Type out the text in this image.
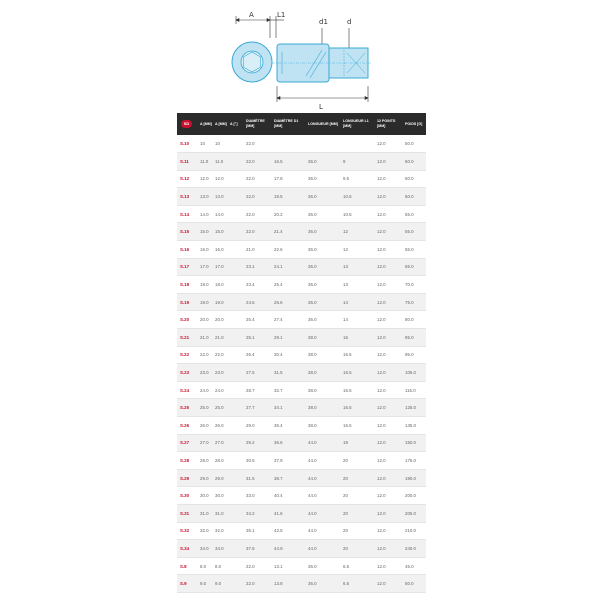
A	L1
d1	d
L
SD	A [MM]	A [MM]	A ["]	DIAMÈTRE [MM]	DIAMÈTRE D1 [MM]	LONGUEUR [MM]	LONGUEUR L1 [MM]	12 POINTS [MM]	POIDS [G]
S.10	10	10		22.0				12.0	50.0
S.11	11.0	11.0		22.0	16.5	36.0	9	12.0	50.0
S.12	12.0	12.0		22.0	17.8	36.0	9.5	12.0	50.0
S.13	13.0	13.0		22.0	18.5	36.0	10.5	12.0	50.0
S.14	14.0	14.0		22.0	20.2	36.0	10.5	12.0	55.0
S.15	15.0	15.0		22.0	21.4	36.0	12	12.0	55.0
S.16	16.0	16.0		21.0	22.6	36.0	12	12.0	55.0
S.17	17.0	17.0		23.1	24.1	36.0	13	12.0	65.0
S.18	18.0	18.0		23.4	25.4	36.0	13	12.0	70.0
S.19	19.0	19.0		24.6	26.6	36.0	14	12.0	75.0
S.20	20.0	20.0		25.4	27.4	36.0	14	12.0	80.0
S.21	21.0	21.0		25.1	29.1	38.0	16	12.0	85.0
S.22	22.0	22.0		26.4	30.4	38.0	16.5	12.0	95.0
S.23	23.0	23.0		27.5	31.5	38.0	16.5	12.0	105.0
S.24	24.0	24.0		28.7	32.7	38.0	16.5	12.0	115.0
S.25	25.0	25.0		27.7	34.1	38.0	16.5	12.0	125.0
S.26	26.0	26.0		29.0	35.4	38.0	16.5	12.0	135.0
S.27	27.0	27.0		29.2	36.6	44.0	19	12.0	150.0
S.28	28.0	28.0		30.5	37.9	44.0	20	12.0	175.0
S.29	29.0	29.0		31.5	38.7	44.0	20	12.0	190.0
S.30	30.0	30.0		33.0	40.4	44.0	20	12.0	200.0
S.31	31.0	31.0		34.2	41.6	44.0	20	12.0	205.0
S.32	32.0	32.0		35.1	42.5	44.0	20	12.0	210.0
S.34	34.0	34.0		37.5	44.9	44.0	20	12.0	240.0
S.8	8.0	8.0		22.0	13.1	36.0	6.5	12.0	45.0
S.9	9.0	9.0		22.0	13.8	36.0	6.5	12.0	50.0
